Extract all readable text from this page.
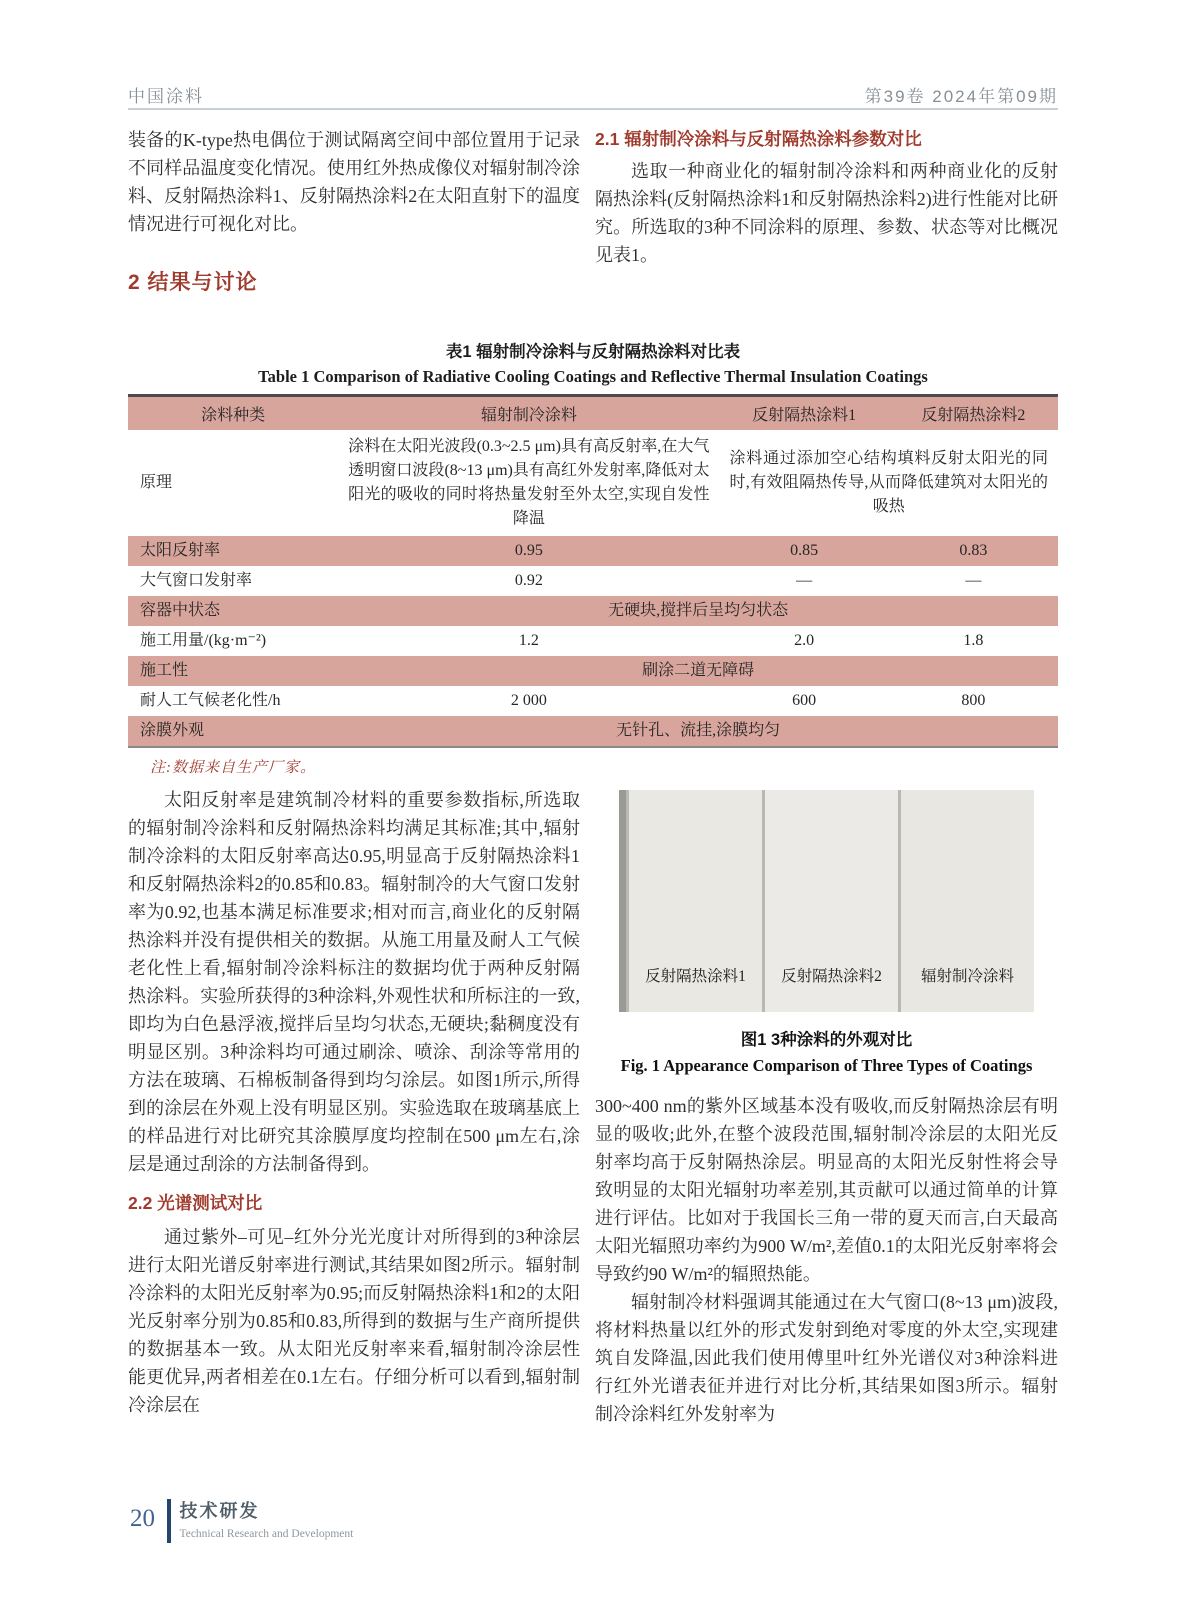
中国涂料	第39卷 2024年第09期

装备的K-type热电偶位于测试隔离空间中部位置用于记录不同样品温度变化情况。使用红外热成像仪对辐射制冷涂料、反射隔热涂料1、反射隔热涂料2在太阳直射下的温度情况进行可视化对比。

2 结果与讨论
2.1 辐射制冷涂料与反射隔热涂料参数对比

选取一种商业化的辐射制冷涂料和两种商业化的反射隔热涂料(反射隔热涂料1和反射隔热涂料2)进行性能对比研究。所选取的3种不同涂料的原理、参数、状态等对比概况见表1。

表1 辐射制冷涂料与反射隔热涂料对比表
Table 1 Comparison of Radiative Cooling Coatings and Reflective Thermal Insulation Coatings
涂料种类	辐射制冷涂料	反射隔热涂料1	反射隔热涂料2
原理	涂料在太阳光波段(0.3~2.5 μm)具有高反射率,在大气透明窗口波段(8~13 μm)具有高红外发射率,降低对太阳光的吸收的同时将热量发射至外太空,实现自发性降温	涂料通过添加空心结构填料反射太阳光的同时,有效阻隔热传导,从而降低建筑对太阳光的吸热	
太阳反射率	0.95	0.85	0.83
大气窗口发射率	0.92	—	—
容器中状态	无硬块,搅拌后呈均匀状态		
施工用量/(kg·m⁻²)	1.2	2.0	1.8
施工性	刷涂二道无障碍		
耐人工气候老化性/h	2 000	600	800
涂膜外观	无针孔、流挂,涂膜均匀		
注:数据来自生产厂家。

太阳反射率是建筑制冷材料的重要参数指标,所选取的辐射制冷涂料和反射隔热涂料均满足其标准;其中,辐射制冷涂料的太阳反射率高达0.95,明显高于反射隔热涂料1和反射隔热涂料2的0.85和0.83。辐射制冷的大气窗口发射率为0.92,也基本满足标准要求;相对而言,商业化的反射隔热涂料并没有提供相关的数据。从施工用量及耐人工气候老化性上看,辐射制冷涂料标注的数据均优于两种反射隔热涂料。实验所获得的3种涂料,外观性状和所标注的一致,即均为白色悬浮液,搅拌后呈均匀状态,无硬块;黏稠度没有明显区别。3种涂料均可通过刷涂、喷涂、刮涂等常用的方法在玻璃、石棉板制备得到均匀涂层。如图1所示,所得到的涂层在外观上没有明显区别。实验选取在玻璃基底上的样品进行对比研究其涂膜厚度均控制在500 μm左右,涂层是通过刮涂的方法制备得到。

2.2 光谱测试对比

通过紫外–可见–红外分光光度计对所得到的3种涂层进行太阳光谱反射率进行测试,其结果如图2所示。辐射制冷涂料的太阳光反射率为0.95;而反射隔热涂料1和2的太阳光反射率分别为0.85和0.83,所得到的数据与生产商所提供的数据基本一致。从太阳光反射率来看,辐射制冷涂层性能更优异,两者相差在0.1左右。仔细分析可以看到,辐射制冷涂层在

反射隔热涂料1 反射隔热涂料2	辐射制冷涂料
图1 3种涂料的外观对比
Fig. 1 Appearance Comparison of Three Types of Coatings

300~400 nm的紫外区域基本没有吸收,而反射隔热涂层有明显的吸收;此外,在整个波段范围,辐射制冷涂层的太阳光反射率均高于反射隔热涂层。明显高的太阳光反射性将会导致明显的太阳光辐射功率差别,其贡献可以通过简单的计算进行评估。比如对于我国长三角一带的夏天而言,白天最高太阳光辐照功率约为900 W/m²,差值0.1的太阳光反射率将会导致约90 W/m²的辐照热能。

辐射制冷材料强调其能通过在大气窗口(8~13 μm)波段,将材料热量以红外的形式发射到绝对零度的外太空,实现建筑自发降温,因此我们使用傅里叶红外光谱仪对3种涂料进行红外光谱表征并进行对比分析,其结果如图3所示。辐射制冷涂料红外发射率为

20 技术研发
Technical Research and Development
